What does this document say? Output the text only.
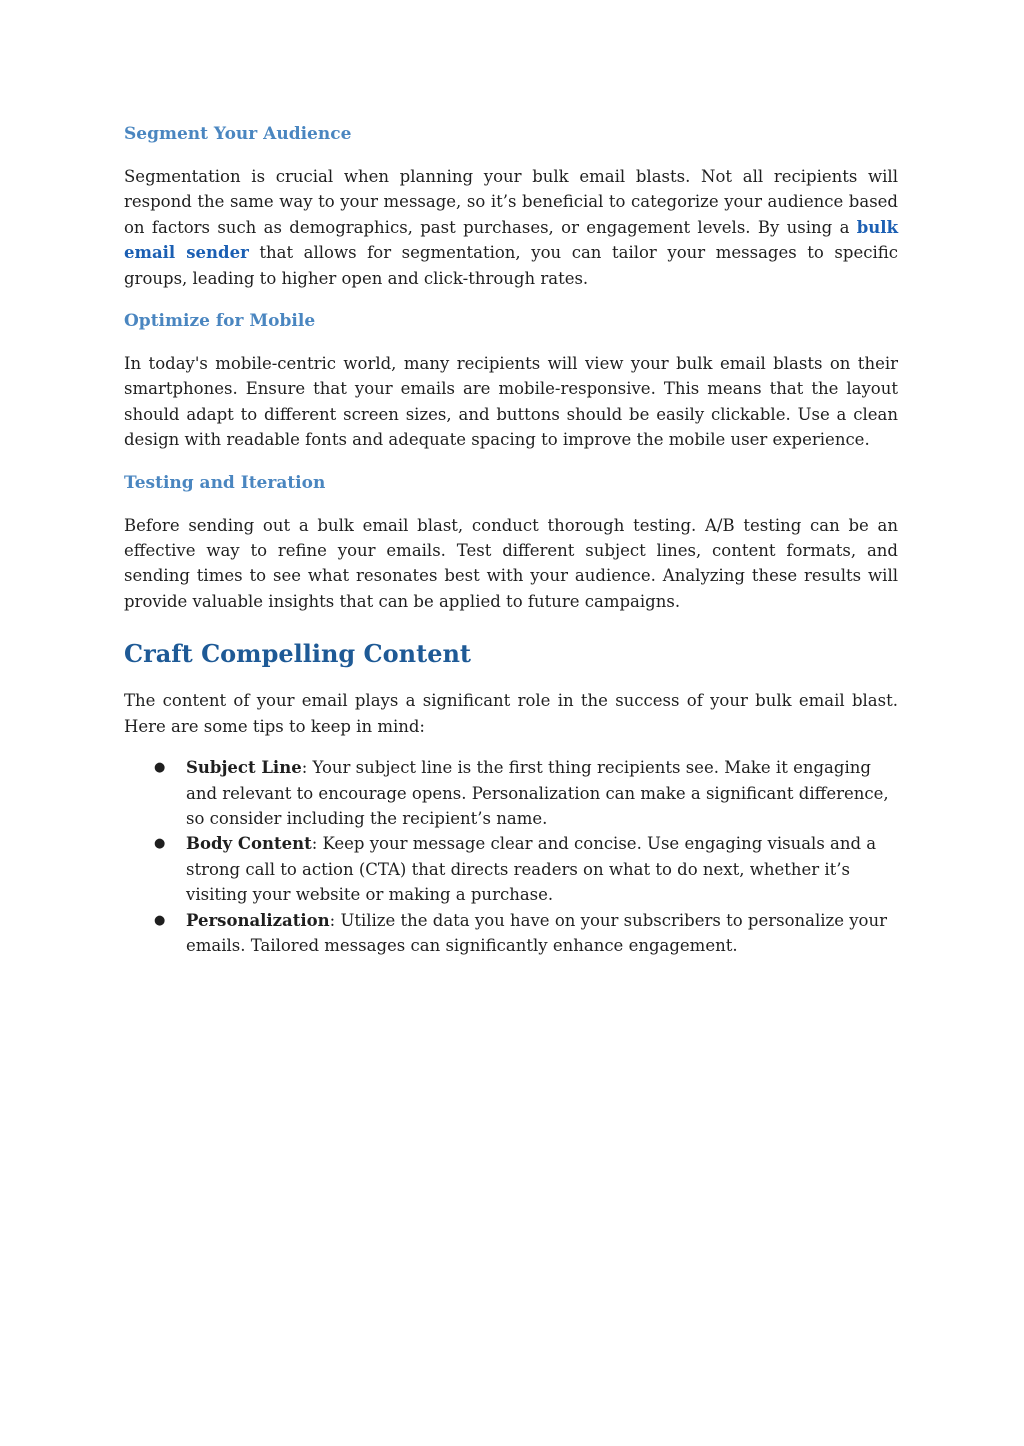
Segment Your Audience

Segmentation is crucial when planning your bulk email blasts. Not all recipients will respond the same way to your message, so it’s beneficial to categorize your audience based on factors such as demographics, past purchases, or engagement levels. By using a bulk email sender that allows for segmentation, you can tailor your messages to specific groups, leading to higher open and click-through rates.

Optimize for Mobile

In today's mobile-centric world, many recipients will view your bulk email blasts on their smartphones. Ensure that your emails are mobile-responsive. This means that the layout should adapt to different screen sizes, and buttons should be easily clickable. Use a clean design with readable fonts and adequate spacing to improve the mobile user experience.

Testing and Iteration

Before sending out a bulk email blast, conduct thorough testing. A/B testing can be an effective way to refine your emails. Test different subject lines, content formats, and sending times to see what resonates best with your audience. Analyzing these results will provide valuable insights that can be applied to future campaigns.

Craft Compelling Content

The content of your email plays a significant role in the success of your bulk email blast. Here are some tips to keep in mind:

● Subject Line: Your subject line is the first thing recipients see. Make it engaging and relevant to encourage opens. Personalization can make a significant difference, so consider including the recipient’s name.
● Body Content: Keep your message clear and concise. Use engaging visuals and a strong call to action (CTA) that directs readers on what to do next, whether it’s visiting your website or making a purchase.
● Personalization: Utilize the data you have on your subscribers to personalize your emails. Tailored messages can significantly enhance engagement.
